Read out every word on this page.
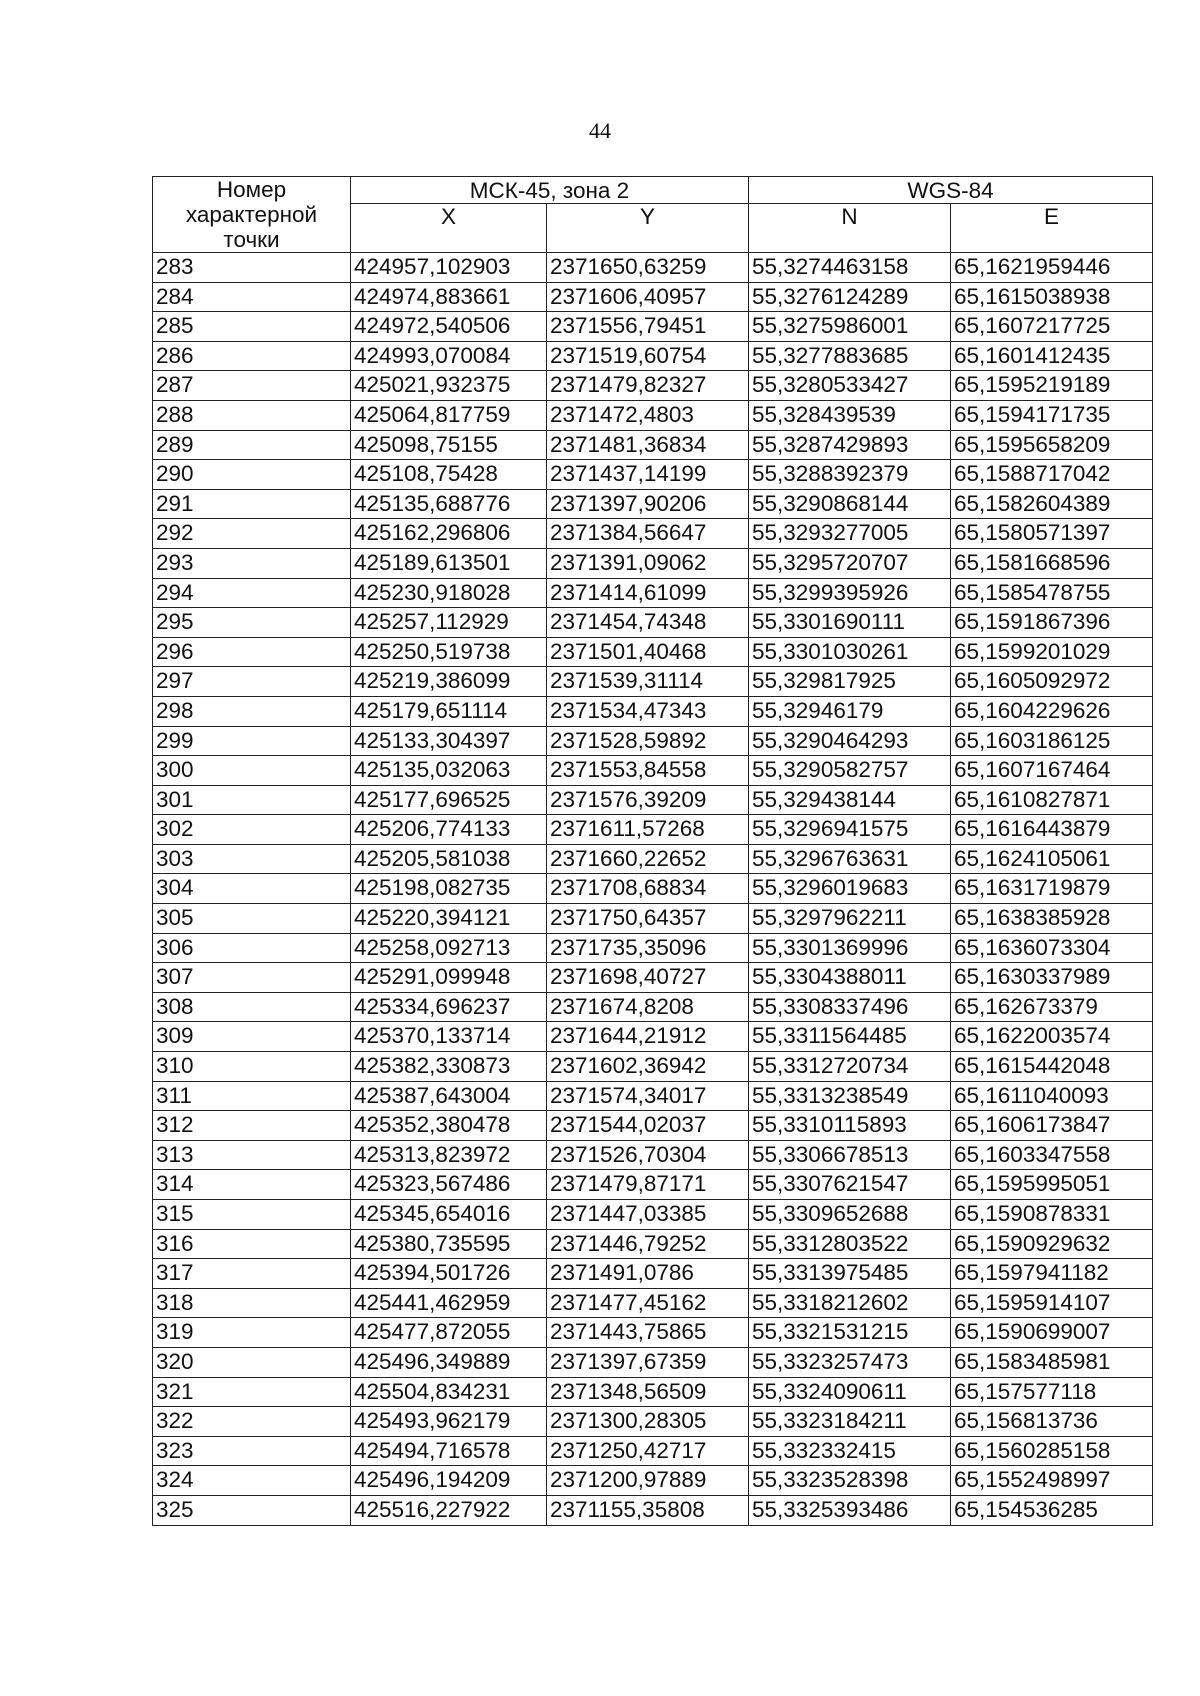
44
Номер характерной точки	МСК-45, зона 2		WGS-84	
	X	Y	N	E
283	424957,102903	2371650,63259	55,3274463158	65,1621959446
284	424974,883661	2371606,40957	55,3276124289	65,1615038938
285	424972,540506	2371556,79451	55,3275986001	65,1607217725
286	424993,070084	2371519,60754	55,3277883685	65,1601412435
287	425021,932375	2371479,82327	55,3280533427	65,1595219189
288	425064,817759	2371472,4803	55,328439539	65,1594171735
289	425098,75155	2371481,36834	55,3287429893	65,1595658209
290	425108,75428	2371437,14199	55,3288392379	65,1588717042
291	425135,688776	2371397,90206	55,3290868144	65,1582604389
292	425162,296806	2371384,56647	55,3293277005	65,1580571397
293	425189,613501	2371391,09062	55,3295720707	65,1581668596
294	425230,918028	2371414,61099	55,3299395926	65,1585478755
295	425257,112929	2371454,74348	55,3301690111	65,1591867396
296	425250,519738	2371501,40468	55,3301030261	65,1599201029
297	425219,386099	2371539,31114	55,329817925	65,1605092972
298	425179,651114	2371534,47343	55,32946179	65,1604229626
299	425133,304397	2371528,59892	55,3290464293	65,1603186125
300	425135,032063	2371553,84558	55,3290582757	65,1607167464
301	425177,696525	2371576,39209	55,329438144	65,1610827871
302	425206,774133	2371611,57268	55,3296941575	65,1616443879
303	425205,581038	2371660,22652	55,3296763631	65,1624105061
304	425198,082735	2371708,68834	55,3296019683	65,1631719879
305	425220,394121	2371750,64357	55,3297962211	65,1638385928
306	425258,092713	2371735,35096	55,3301369996	65,1636073304
307	425291,099948	2371698,40727	55,3304388011	65,1630337989
308	425334,696237	2371674,8208	55,3308337496	65,162673379
309	425370,133714	2371644,21912	55,3311564485	65,1622003574
310	425382,330873	2371602,36942	55,3312720734	65,1615442048
311	425387,643004	2371574,34017	55,3313238549	65,1611040093
312	425352,380478	2371544,02037	55,3310115893	65,1606173847
313	425313,823972	2371526,70304	55,3306678513	65,1603347558
314	425323,567486	2371479,87171	55,3307621547	65,1595995051
315	425345,654016	2371447,03385	55,3309652688	65,1590878331
316	425380,735595	2371446,79252	55,3312803522	65,1590929632
317	425394,501726	2371491,0786	55,3313975485	65,1597941182
318	425441,462959	2371477,45162	55,3318212602	65,1595914107
319	425477,872055	2371443,75865	55,3321531215	65,1590699007
320	425496,349889	2371397,67359	55,3323257473	65,1583485981
321	425504,834231	2371348,56509	55,3324090611	65,157577118
322	425493,962179	2371300,28305	55,3323184211	65,156813736
323	425494,716578	2371250,42717	55,332332415	65,1560285158
324	425496,194209	2371200,97889	55,3323528398	65,1552498997
325	425516,227922	2371155,35808	55,3325393486	65,154536285
